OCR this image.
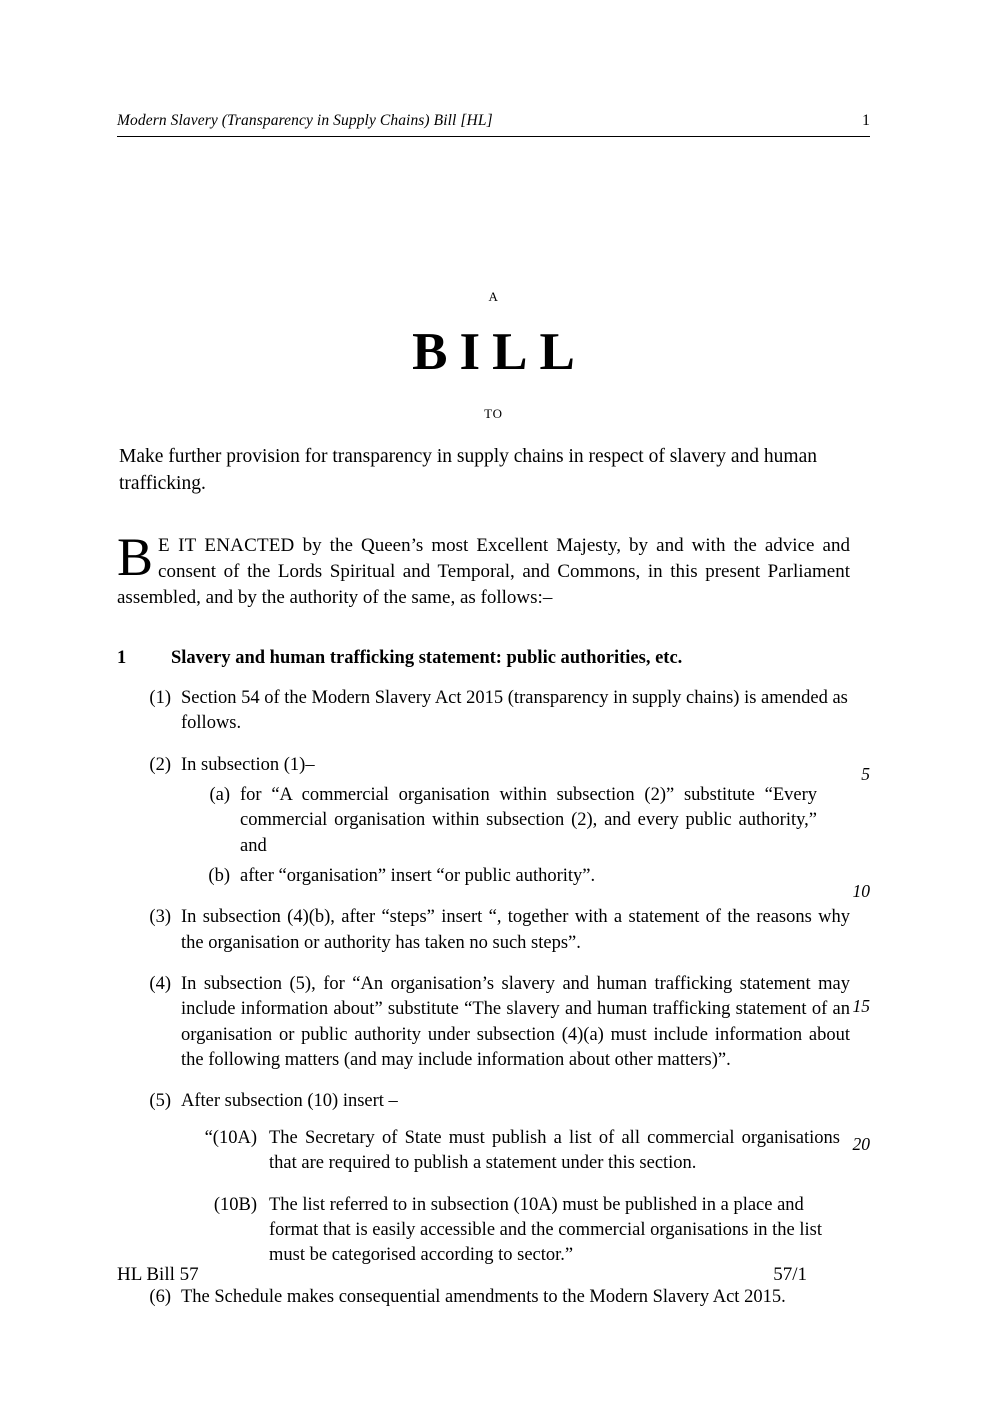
Modern Slavery (Transparency in Supply Chains) Bill [HL]	1
A
BILL
TO
Make further provision for transparency in supply chains in respect of slavery and human trafficking.
B E IT ENACTED by the Queen’s most Excellent Majesty, by and with the advice and consent of the Lords Spiritual and Temporal, and Commons, in this present Parliament assembled, and by the authority of the same, as follows:–
1	Slavery and human trafficking statement: public authorities, etc.
(1) Section 54 of the Modern Slavery Act 2015 (transparency in supply chains) is amended as follows.
(2) In subsection (1)–
(a) for “A commercial organisation within subsection (2)” substitute “Every commercial organisation within subsection (2), and every public authority,” and
(b) after “organisation” insert “or public authority”.
(3) In subsection (4)(b), after “steps” insert “, together with a statement of the reasons why the organisation or authority has taken no such steps”.
(4) In subsection (5), for “An organisation’s slavery and human trafficking statement may include information about” substitute “The slavery and human trafficking statement of an organisation or public authority under subsection (4)(a) must include information about the following matters (and may include information about other matters)”.
(5) After subsection (10) insert –
“(10A) The Secretary of State must publish a list of all commercial organisations that are required to publish a statement under this section.
(10B) The list referred to in subsection (10A) must be published in a place and format that is easily accessible and the commercial organisations in the list must be categorised according to sector.”
(6) The Schedule makes consequential amendments to the Modern Slavery Act 2015.
5
10
15
20
HL Bill 57	57/1
